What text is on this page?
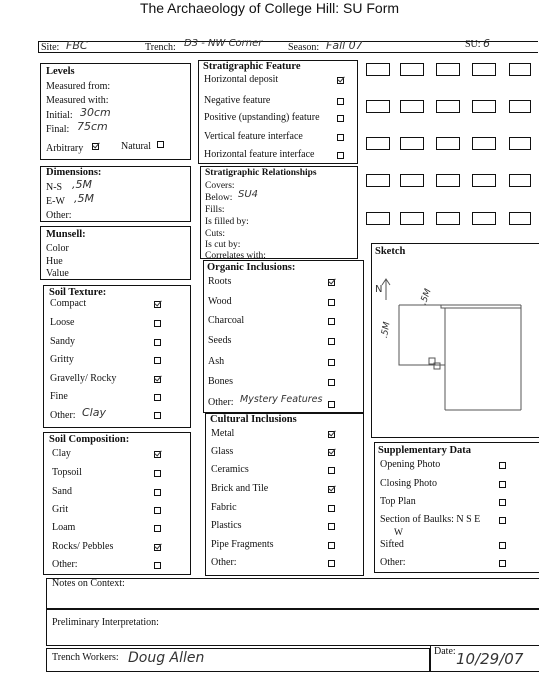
The Archaeology of College Hill: SU Form
Site: FBC	Trench: D3 - NW Corner	Season: Fall 07	SU: 6
Levels
Measured from:
Measured with:
Initial: 30cm
Final: 75cm
Arbitrary	Natural
Dimensions:
N-S ,5M
E-W ,5M
Other:
Munsell:
Color
Hue
Value
Soil Texture:
Compact
Loose
Sandy
Gritty
Gravelly/ Rocky
Fine
Other: Clay
Soil Composition:
Clay
Topsoil
Sand
Grit
Loam
Rocks/ Pebbles
Other:
Stratigraphic Feature
Horizontal deposit
Negative feature
Positive (upstanding) feature
Vertical feature interface
Horizontal feature interface
Stratigraphic Relationships
Covers:
Below: SU4
Fills:
Is filled by:
Cuts:
Is cut by:
Correlates with:
Organic Inclusions:
Roots
Wood
Charcoal
Seeds
Ash
Bones
Other: Mystery Features
Cultural Inclusions
Metal
Glass
Ceramics
Brick and Tile
Fabric
Plastics
Pipe Fragments
Other:
Sketch
N	.5M
.5M
Supplementary Data
Opening Photo
Closing Photo
Top Plan
Section of Baulks: N S E
Sifted
Other:
W
Notes on Context:
Preliminary Interpretation:
Trench Workers: Doug Allen	Date: 10/29/07
